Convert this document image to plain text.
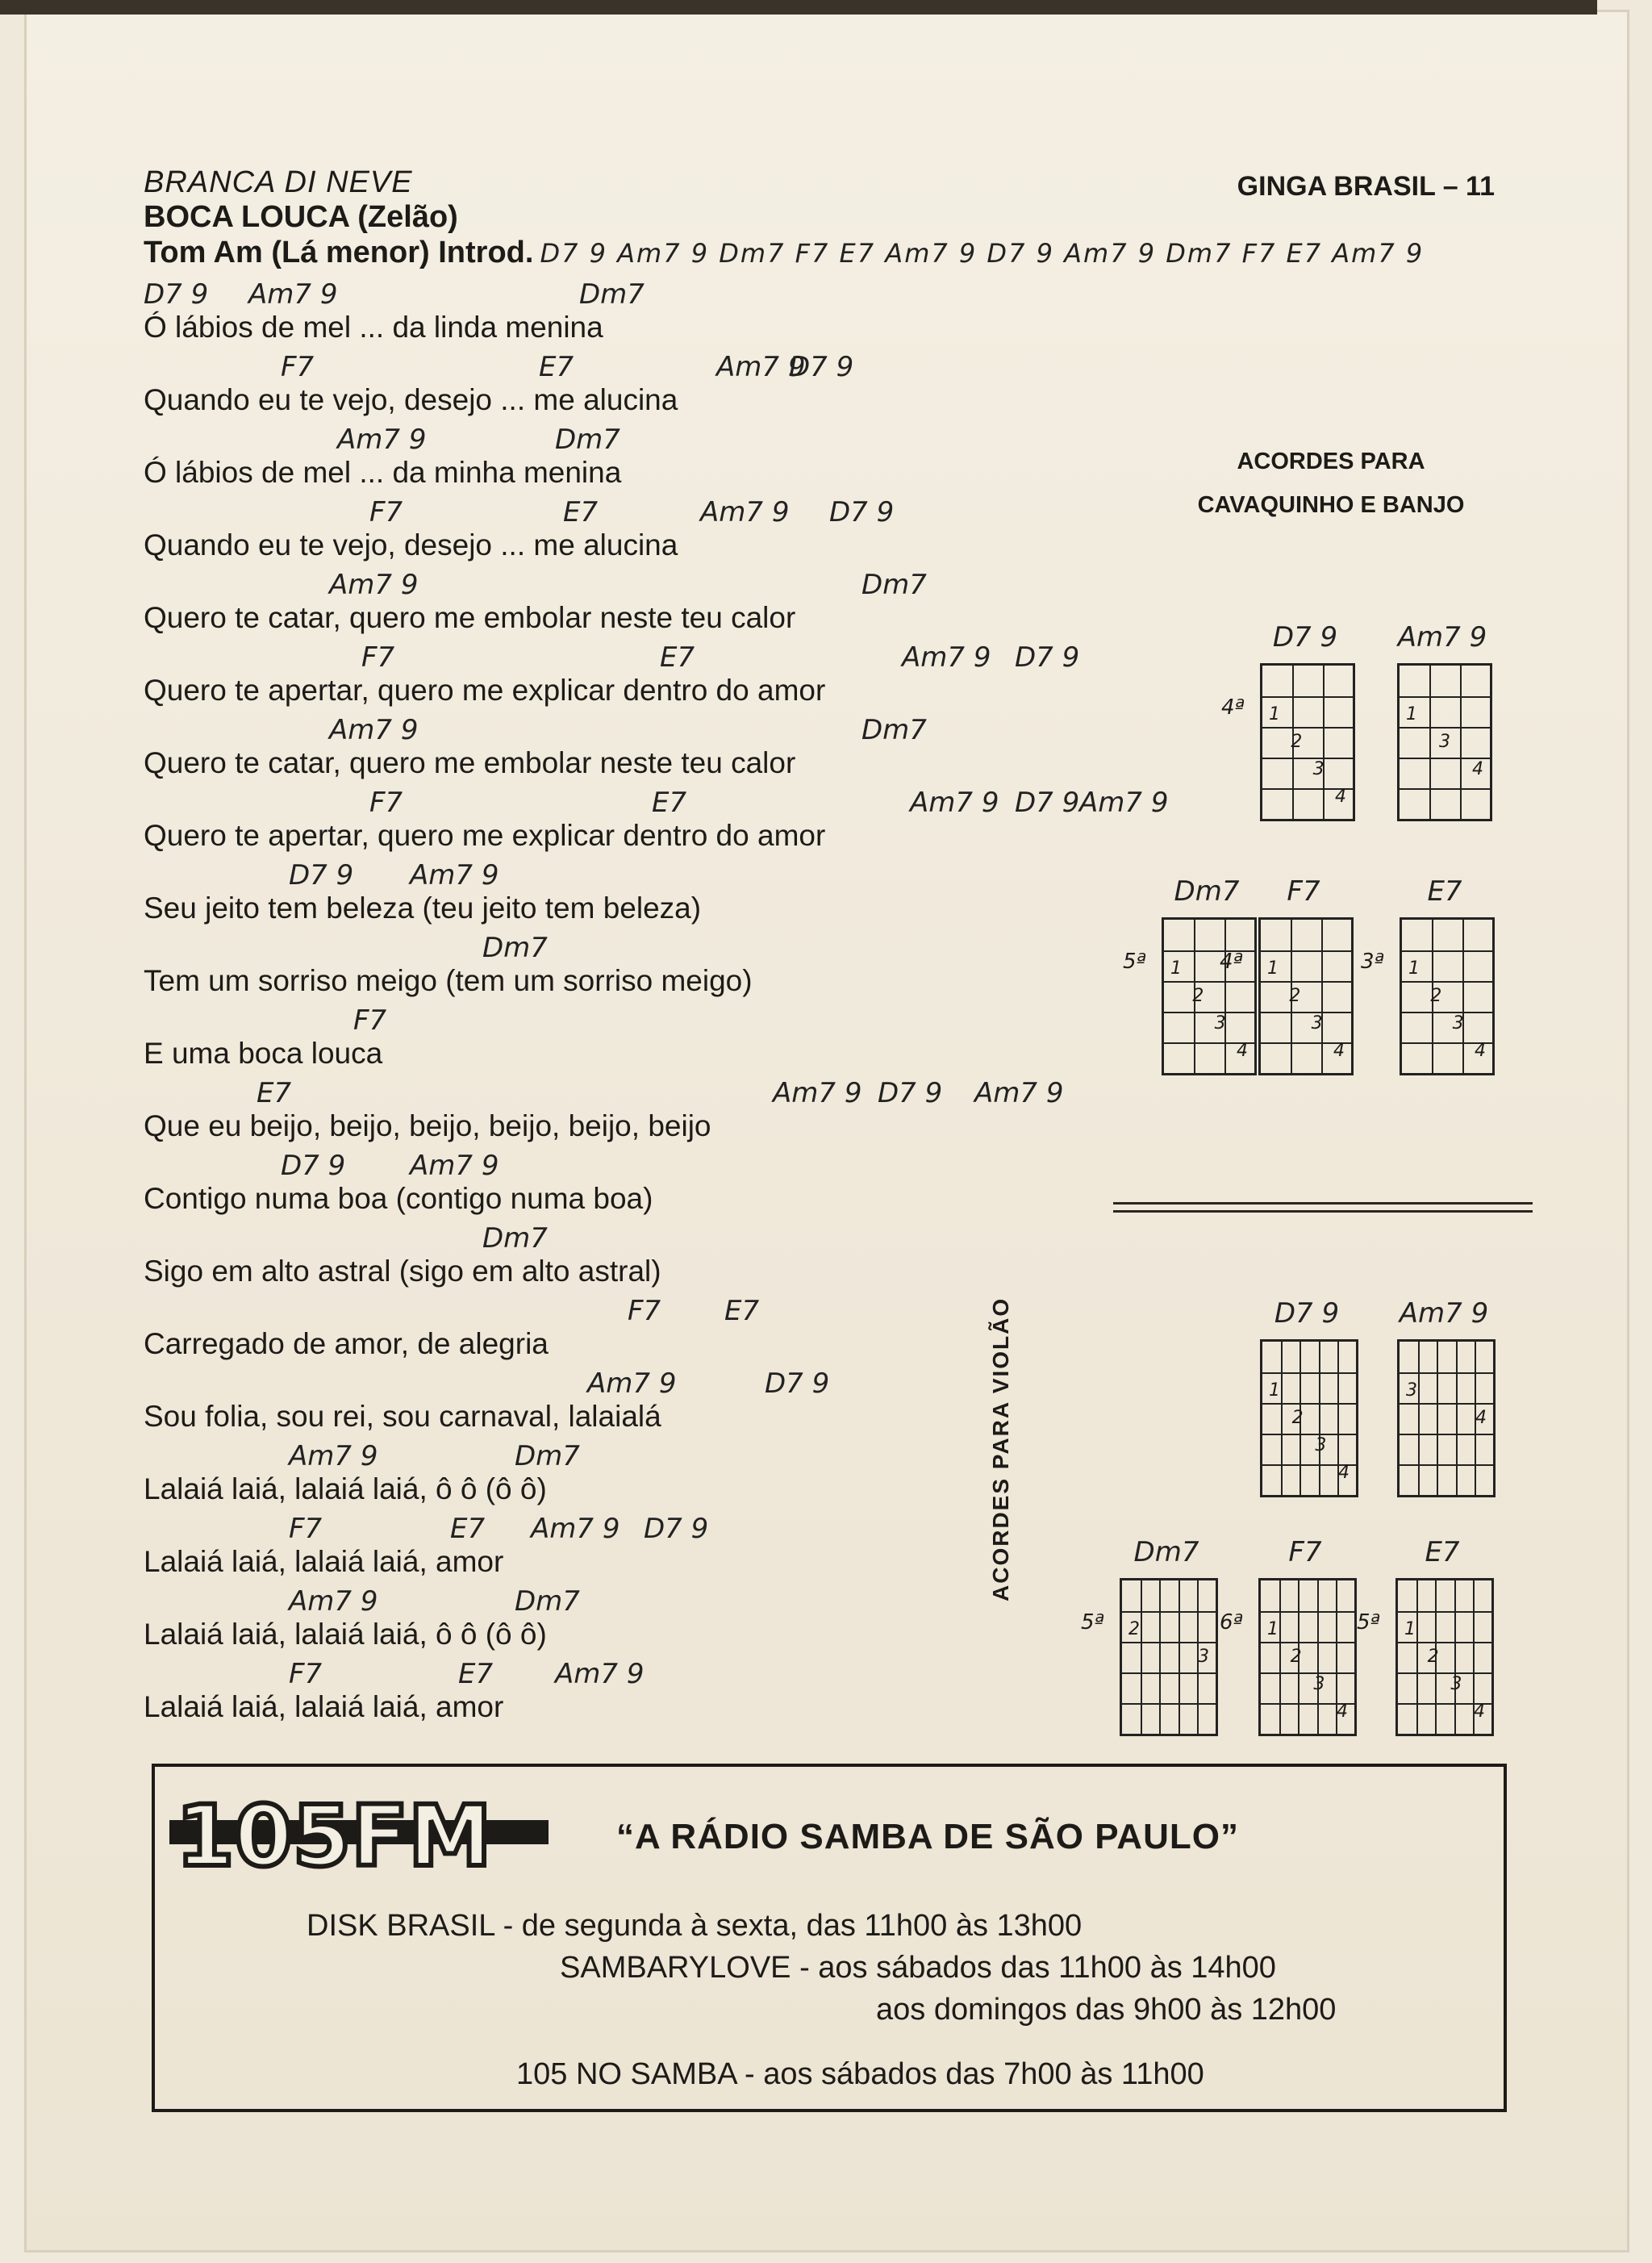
BRANCA DI NEVE
BOCA LOUCA (Zelão)
GINGA BRASIL – 11
Tom Am (Lá menor) Introd. D7 9 Am7 9 Dm7 F7 E7 Am7 9 D7 9 Am7 9 Dm7 F7 E7 Am7 9
D7 9 Am7 9	Dm7
Ó lábios de mel ... da linda menina
F7	E7	Am7 9
D7 9
Quando eu te vejo, desejo ... me alucina
Am7 9	Dm7
Ó lábios de mel ... da minha menina
F7	E7	Am7 9 D7 9
Quando eu te vejo, desejo ... me alucina
Am7 9	Dm7
Quero te catar, quero me embolar neste teu calor
F7	E7	Am7 9 D7 9
Quero te apertar, quero me explicar dentro do amor
Am7 9	Dm7
Quero te catar, quero me embolar neste teu calor
F7	E7	Am7 9 D7 9 Am7 9
Quero te apertar, quero me explicar dentro do amor
D7 9 Am7 9
Seu jeito tem beleza (teu jeito tem beleza)
Dm7
Tem um sorriso meigo (tem um sorriso meigo)
F7
E uma boca louca
E7	Am7 9 D7 9 Am7 9
Que eu beijo, beijo, beijo, beijo, beijo, beijo
D7 9 Am7 9
Contigo numa boa (contigo numa boa)
Dm7
Sigo em alto astral (sigo em alto astral)
F7 E7
Carregado de amor, de alegria
Am7 9	D7 9
Sou folia, sou rei, sou carnaval, lalaialá
Am7 9	Dm7
Lalaiá laiá, lalaiá laiá, ô ô (ô ô)
F7	E7 Am7 9 D7 9
Lalaiá laiá, lalaiá laiá, amor
Am7 9	Dm7
Lalaiá laiá, lalaiá laiá, ô ô (ô ô)
F7	E7 Am7 9
Lalaiá laiá, lalaiá laiá, amor
ACORDES PARA
CAVAQUINHO E BANJO
D7 9
1
2
3
4
4ª
Am7 9
1
3
4
Dm7
1
2
3
4
5ª
F7
1
2
3
4
4ª
E7
1
2
3
4
3ª
ACORDES PARA VIOLÃO	D7 9
1
2
3
4
Am7 9
3
4
Dm7
2
3
5ª
F7
1
2
3
4
6ª
E7
1
2
3
4
5ª
105FM	“A RÁDIO SAMBA DE SÃO PAULO”
DISK BRASIL - de segunda à sexta, das 11h00 às 13h00
SAMBARYLOVE - aos sábados das 11h00 às 14h00
aos domingos das 9h00 às 12h00
105 NO SAMBA - aos sábados das 7h00 às 11h00
